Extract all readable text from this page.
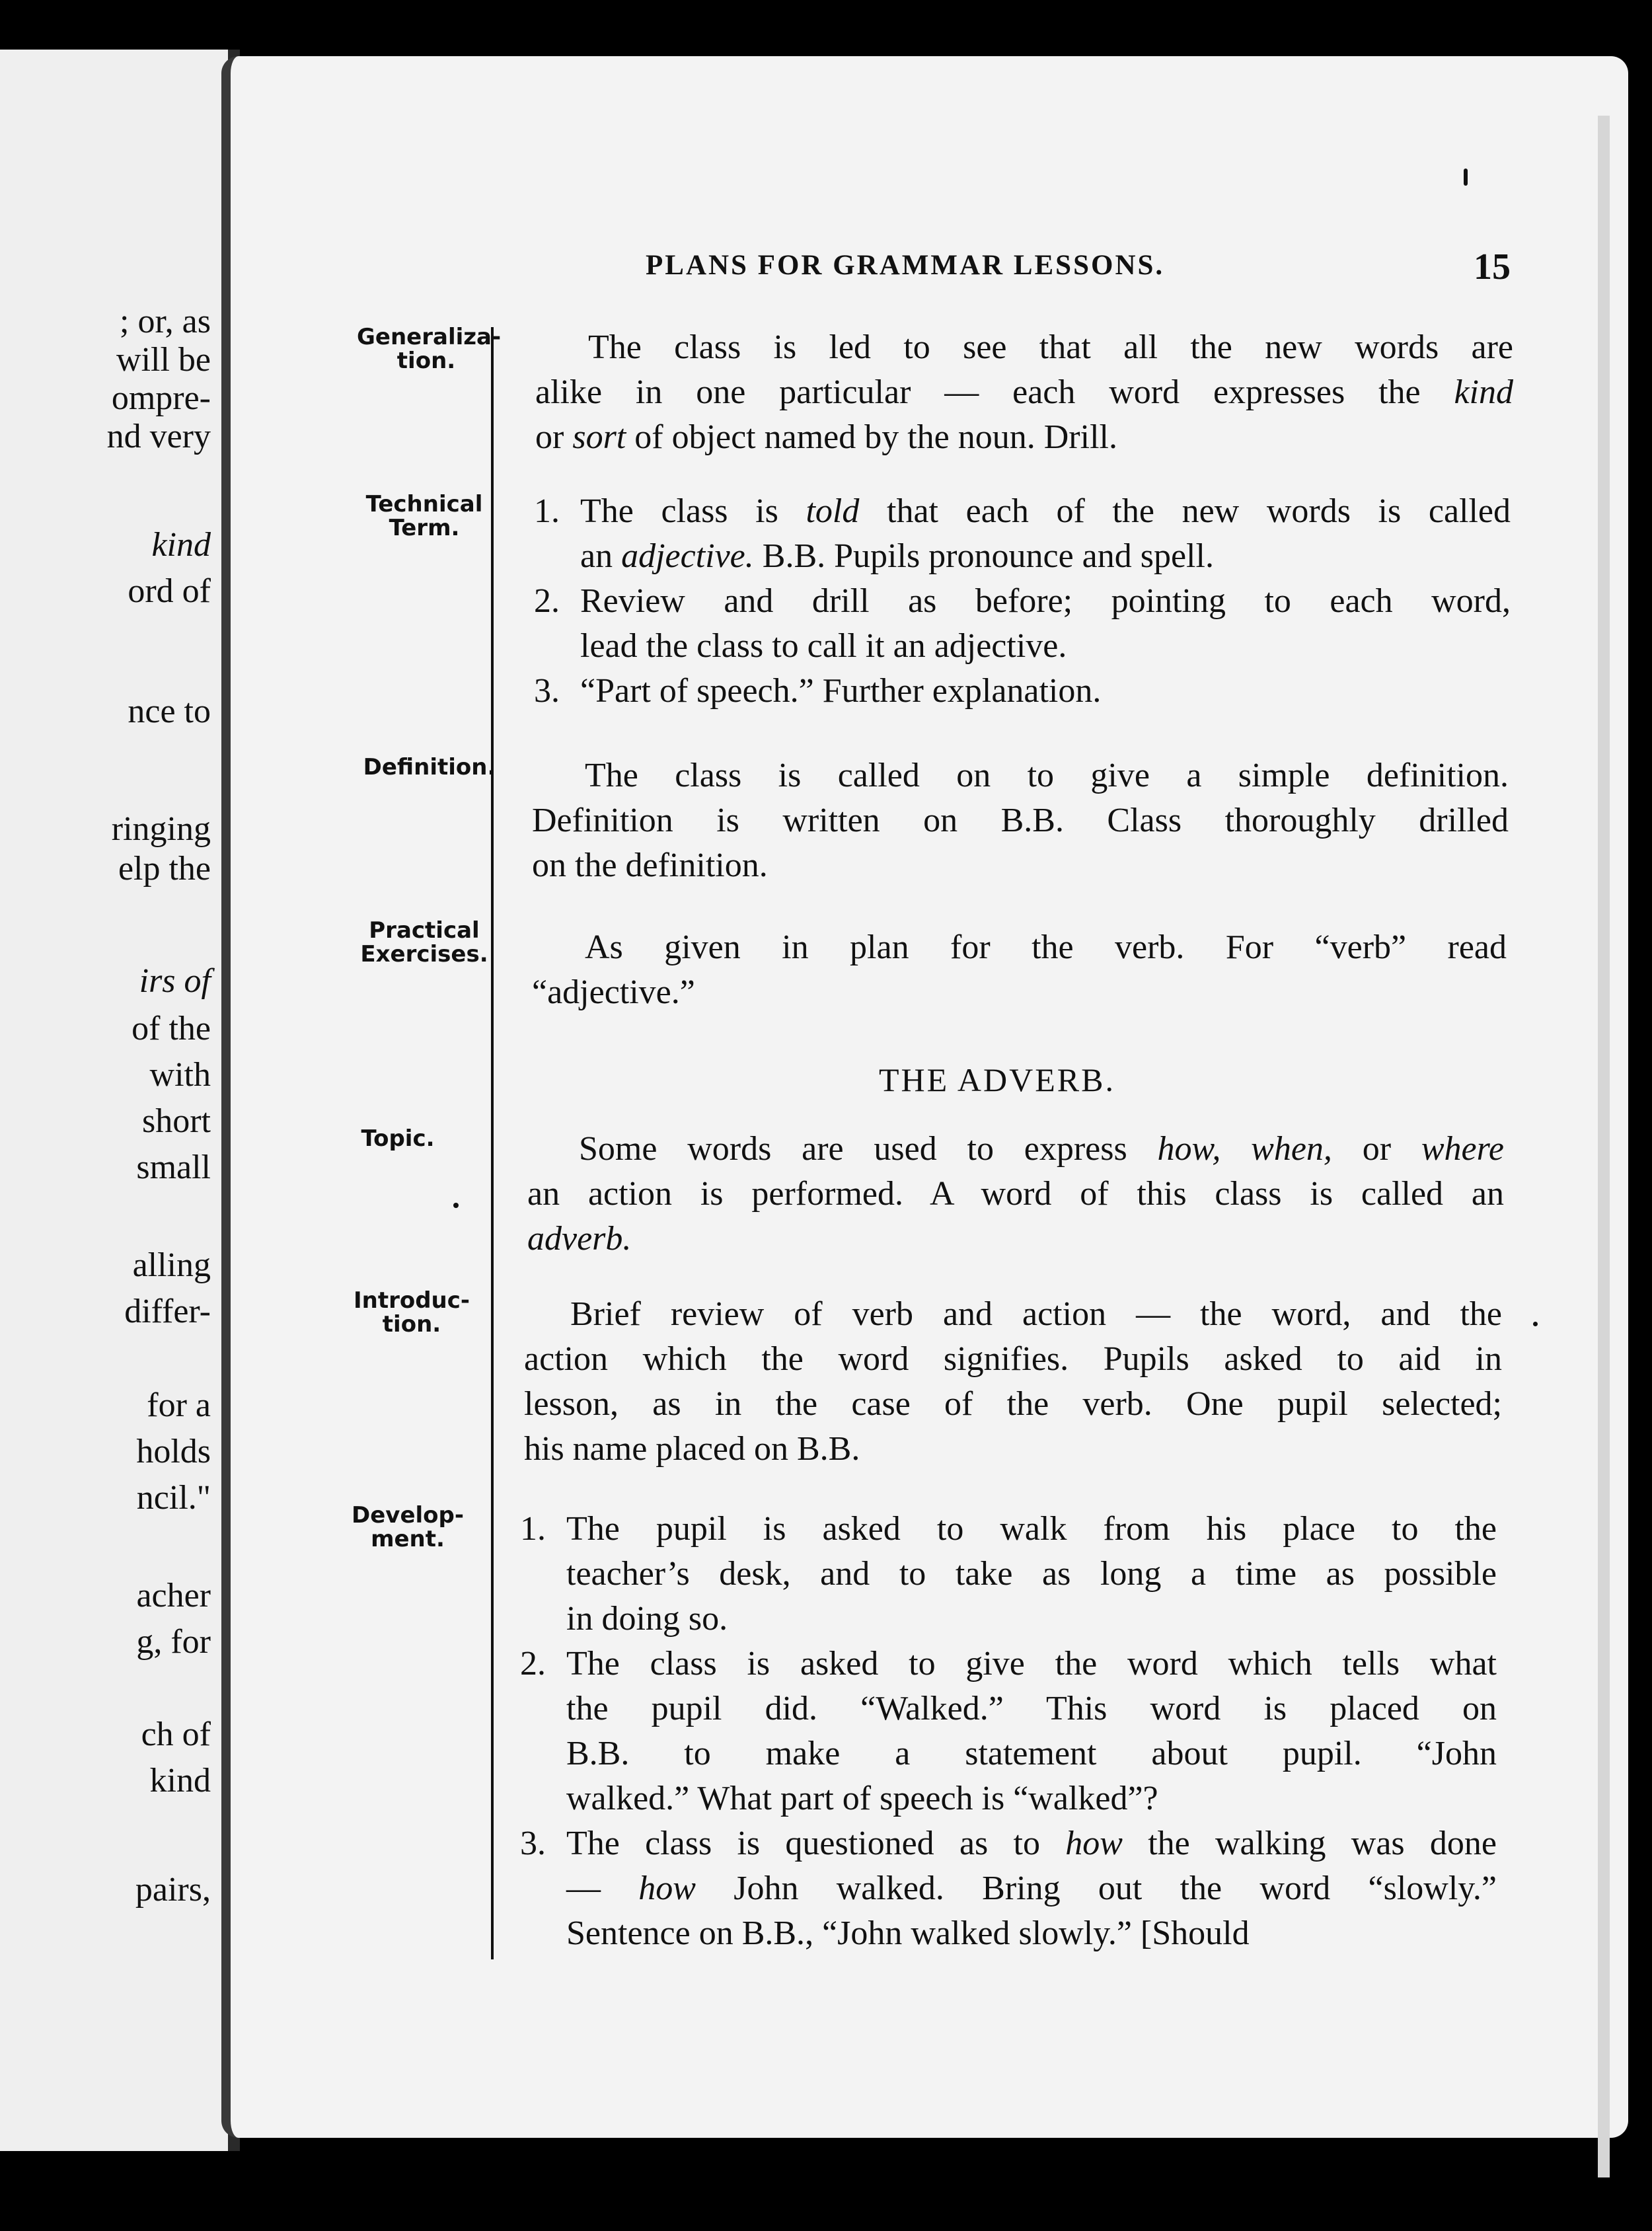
; or, as
will be
ompre-
nd very
kind
ord of
nce to
ringing
elp the
irs of
of the
with
short
small
alling
differ-
for a
holds
ncil."
acher
g, for
ch of
kind
pairs,
PLANS FOR GRAMMAR LESSONS.	15
Generaliza-
tion.
Technical
Term.
Definition.
Practical
Exercises.
Topic.
Introduc-
tion.
Develop-
ment.
The class is led to see that all the new words are
alike in one particular — each word expresses the kind
or sort of object named by the noun. Drill.
1. The class is told that each of the new words is called
an adjective. B.B. Pupils pronounce and spell.
2. Review and drill as before; pointing to each word,
lead the class to call it an adjective.
3. “Part of speech.” Further explanation.
The class is called on to give a simple definition.
Definition is written on B.B. Class thoroughly drilled
on the definition.
As given in plan for the verb. For “verb” read
“adjective.”
THE ADVERB.
Some words are used to express how, when, or where
an action is performed. A word of this class is called an
adverb.
Brief review of verb and action — the word, and the
action which the word signifies. Pupils asked to aid in
lesson, as in the case of the verb. One pupil selected;
his name placed on B.B.
1. The pupil is asked to walk from his place to the
teacher’s desk, and to take as long a time as possible
in doing so.
2. The class is asked to give the word which tells what
the pupil did. “Walked.” This word is placed on
B.B. to make a statement about pupil. “John
walked.” What part of speech is “walked”?
3. The class is questioned as to how the walking was done
— how John walked. Bring out the word “slowly.”
Sentence on B.B., “John walked slowly.” [Should
